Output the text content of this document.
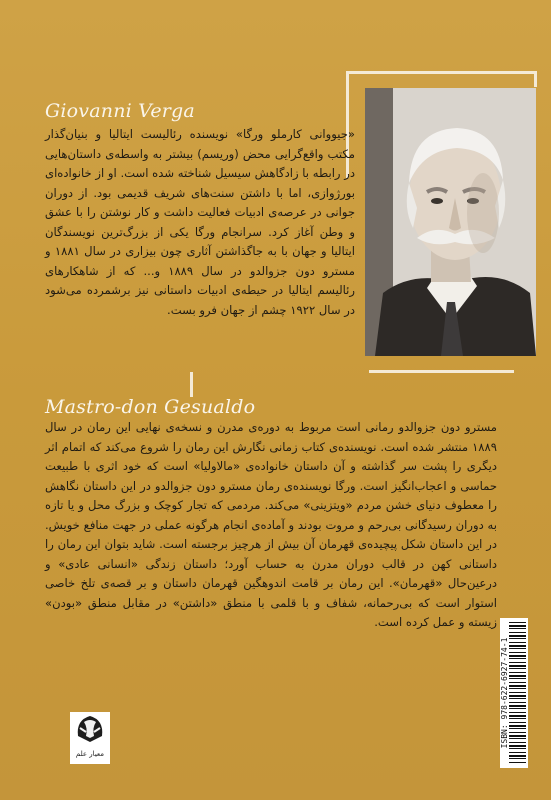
Giovanni Verga

«جیووانی کارملو ورگا» نویسنده رئالیست ایتالیا و بنیان‌گذار مکتب واقع‌گرایی محض (وریسم) بیشتر به واسطه‌ی داستان‌هایی در رابطه با زادگاهش سیسیل شناخته شده است. او از خانواده‌ای بورژوازی، اما با داشتن سنت‌های شریف قدیمی بود. از دوران جوانی در عرصه‌ی ادبیات فعالیت داشت و کار نوشتن را با عشق و وطن آغاز کرد. سرانجام ورگا یکی از بزرگ‌ترین نویسندگان ایتالیا و جهان با به جاگذاشتن آثاری چون بیزاری در سال ۱۸۸۱ و مسترو دون جزوالدو در سال ۱۸۸۹ و... که از شاهکارهای رئالیسم ایتالیا در حیطه‌ی ادبیات داستانی نیز برشمرده می‌شود در سال ۱۹۲۲ چشم از جهان فرو بست.

Mastro-don Gesualdo

مسترو دون جزوالدو رمانی است مربوط به دوره‌ی مدرن و نسخه‌ی نهایی این رمان در سال ۱۸۸۹ منتشر شده است. نویسنده‌ی کتاب زمانی نگارش این رمان را شروع می‌کند که اتمام اثر دیگری را پشت سر گذاشته و آن داستان خانواده‌ی «مالاولیا» است که خود اثری با طبیعت حماسی و اعجاب‌انگیز است. ورگا نویسنده‌ی رمان مسترو دون جزوالدو در این داستان نگاهش را معطوف دنیای خشن مردم «ویتزینی» می‌کند. مردمی که تجار کوچک و بزرگ محل و یا تازه به دوران رسیدگانی بی‌رحم و مروت بودند و آماده‌ی انجام هرگونه عملی در جهت منافع خویش. در این داستان شکل پیچیده‌ی قهرمان آن بیش از هرچیز برجسته است. شاید بتوان این رمان را داستانی کهن در قالب دوران مدرن به حساب آورد؛ داستان زندگی «انسانی عادی» و درعین‌حال «قهرمان». این رمان بر قامت اندوهگین قهرمان داستان و بر قصه‌ی تلخ خاصی استوار است که بی‌رحمانه، شفاف و با قلمی با منطق «داشتن» در مقابل منطق «بودن» زیسته و عمل کرده است.

ISBN: 978-622-6927-74-1
معیار علم
